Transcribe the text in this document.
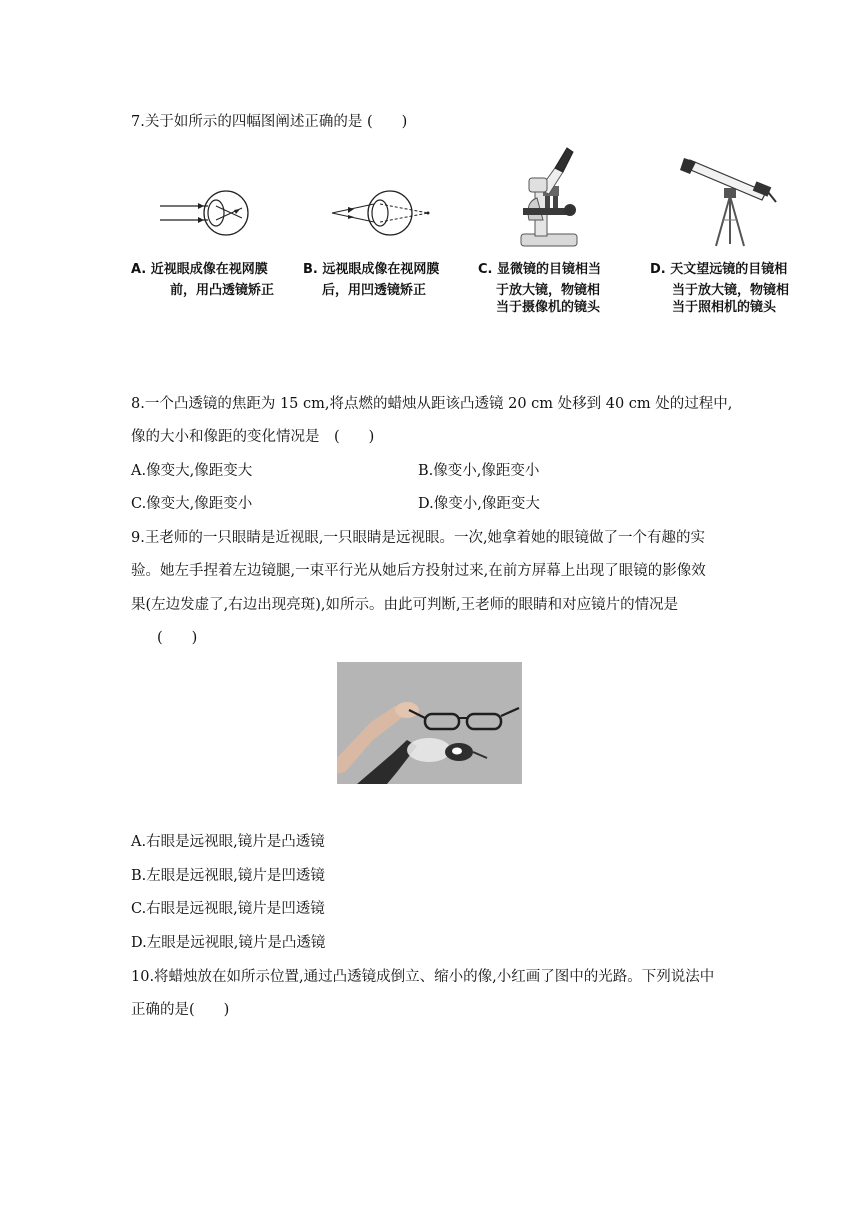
7.关于如所示的四幅图阐述正确的是 (　　)
A. 近视眼成像在视网膜
前，用凸透镜矫正
B. 远视眼成像在视网膜
后，用凹透镜矫正
C. 显微镜的目镜相当
于放大镜，物镜相
当于摄像机的镜头
D. 天文望远镜的目镜相
当于放大镜，物镜相
当于照相机的镜头
8.一个凸透镜的焦距为 15 cm,将点燃的蜡烛从距该凸透镜 20 cm 处移到 40 cm 处的过程中,
像的大小和像距的变化情况是　(　　)
A.像变大,像距变大	B.像变小,像距变小
C.像变大,像距变小	D.像变小,像距变大
9.王老师的一只眼睛是近视眼,一只眼睛是远视眼。一次,她拿着她的眼镜做了一个有趣的实
验。她左手捏着左边镜腿,一束平行光从她后方投射过来,在前方屏幕上出现了眼镜的影像效
果(左边发虚了,右边出现亮斑),如所示。由此可判断,王老师的眼睛和对应镜片的情况是
(　　)
A.右眼是远视眼,镜片是凸透镜
B.左眼是远视眼,镜片是凹透镜
C.右眼是远视眼,镜片是凹透镜
D.左眼是远视眼,镜片是凸透镜
10.将蜡烛放在如所示位置,通过凸透镜成倒立、缩小的像,小红画了图中的光路。下列说法中
正确的是(　　)
